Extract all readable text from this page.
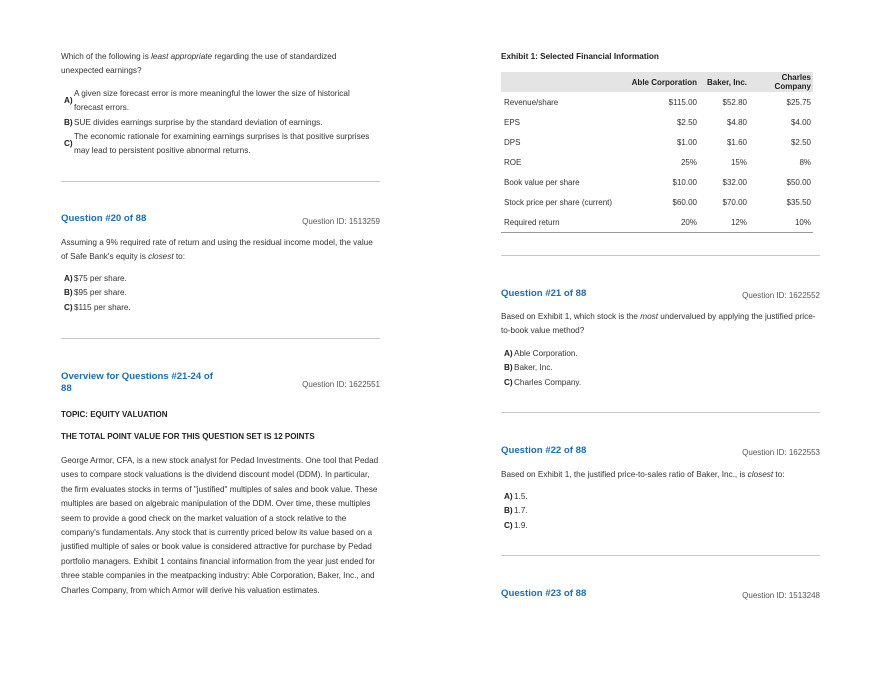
Which of the following is least appropriate regarding the use of standardized unexpected earnings?

A)
A given size forecast error is more meaningful the lower the size of historical
forecast errors.
B) SUE divides earnings surprise by the standard deviation of earnings.
C)
The economic rationale for examining earnings surprises is that positive surprises
may lead to persistent positive abnormal returns.
Question #20 of 88	Question ID: 1513259

Assuming a 9% required rate of return and using the residual income model, the value of Safe Bank's equity is closest to:

A) $75 per share.
B) $95 per share.
C) $115 per share.
Overview for Questions #21-24 of
88	Question ID: 1622551
TOPIC: EQUITY VALUATION
THE TOTAL POINT VALUE FOR THIS QUESTION SET IS 12 POINTS

George Armor, CFA, is a new stock analyst for Pedad Investments. One tool that Pedad uses to compare stock valuations is the dividend discount model (DDM). In particular, the firm evaluates stocks in terms of "justified" multiples of sales and book value. These multiples are based on algebraic manipulation of the DDM. Over time, these multiples seem to provide a good check on the market valuation of a stock relative to the company's fundamentals. Any stock that is currently priced below its value based on a justified multiple of sales or book value is considered attractive for purchase by Pedad portfolio managers. Exhibit 1 contains financial information from the year just ended for three stable companies in the meatpacking industry: Able Corporation, Baker, Inc., and Charles Company, from which Armor will derive his valuation estimates.

Exhibit 1: Selected Financial Information
	Able Corporation	Baker, Inc.	Charles Company
Revenue/share	$115.00	$52.80	$25.75
EPS	$2.50	$4.80	$4.00
DPS	$1.00	$1.60	$2.50
ROE	25%	15%	8%
Book value per share	$10.00	$32.00	$50.00
Stock price per share (current)	$60.00	$70.00	$35.50
Required return	20%	12%	10%
Question #21 of 88	Question ID: 1622552

Based on Exhibit 1, which stock is the most undervalued by applying the justified price-to-book value method?

A) Able Corporation.
B) Baker, Inc.
C) Charles Company.
Question #22 of 88	Question ID: 1622553

Based on Exhibit 1, the justified price-to-sales ratio of Baker, Inc., is closest to:

A) 1.5.
B) 1.7.
C) 1.9.
Question #23 of 88	Question ID: 1513248
